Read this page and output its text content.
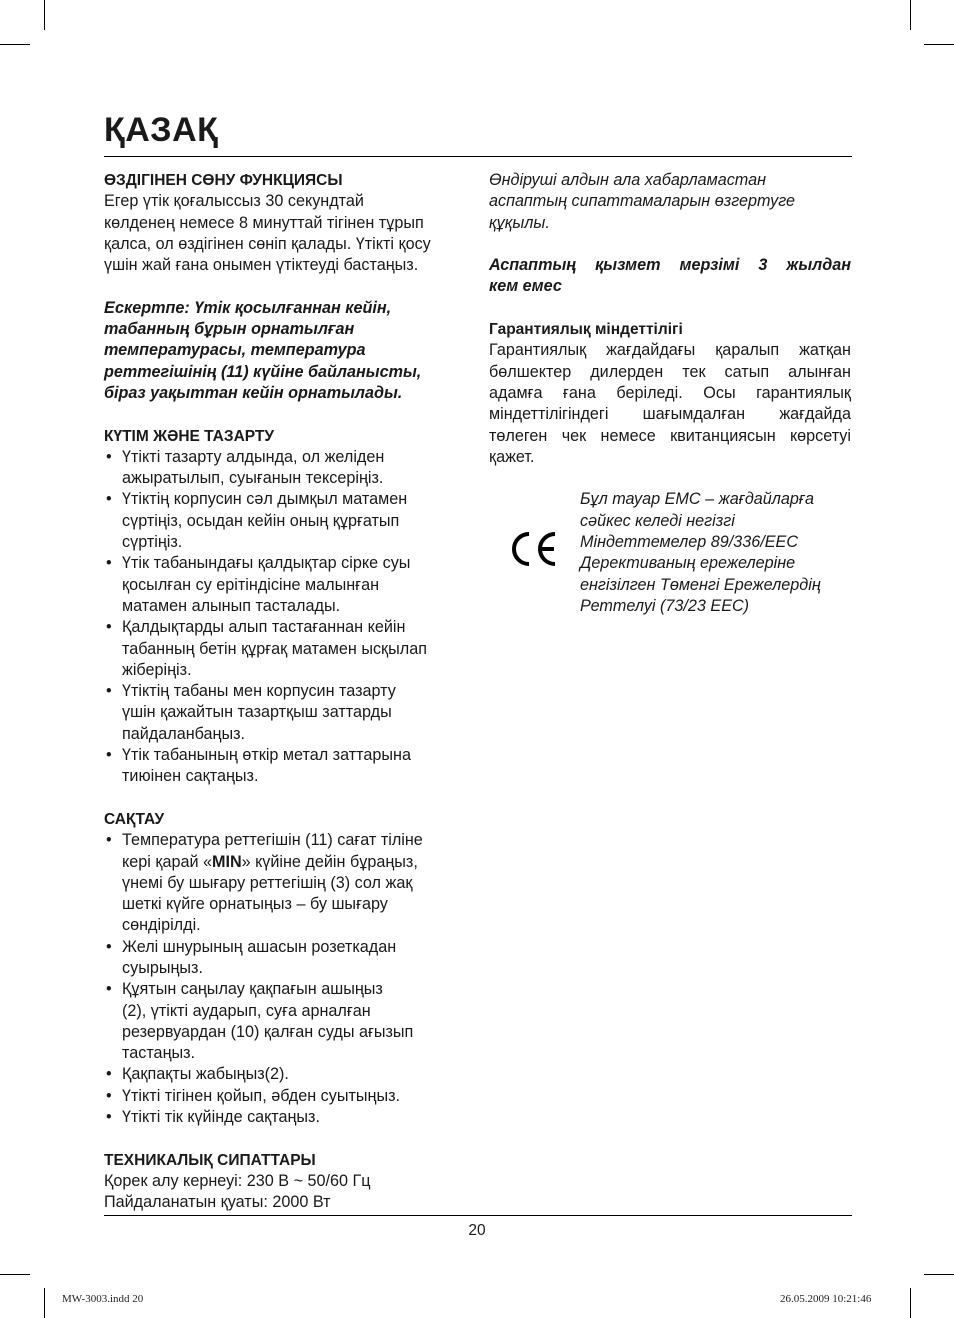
ҚАЗАҚ

ӨЗДІГІНЕН СӨНУ ФУНКЦИЯСЫ

Егер үтік қоғалыссыз 30 секундтай

көлденең немесе 8 минуттай тігінен тұрып

қалса, ол өздігінен сөніп қалады. Үтікті қосу

үшін жай ғана онымен үтіктеуді бастаңыз.

Ескертпе: Үтік қосылғаннан кейін,

табанның бұрын орнатылған

температурасы, температура

реттегішінің (11) күйіне байланысты,

біраз уақыттан кейін орнатылады.

КҮТІМ ЖӘНЕ ТАЗАРТУ

• Үтікті тазарту алдында, ол желіден
ажыратылып, суығанын тексеріңіз.
• Үтіктің корпусин сәл дымқыл матамен
сүртіңіз, осыдан кейін оның құрғатып
сүртіңіз.
• Үтік табанындағы қалдықтар сірке суы
қосылған су ерітіндісіне малынған
матамен алынып тасталады.
• Қалдықтарды алып тастағаннан кейін
табанның бетін құрғақ матамен ысқылап
жіберіңіз.
• Үтіктің табаны мен корпусин тазарту
үшін қажайтын тазартқыш заттарды
пайдаланбаңыз.
• Үтік табанының өткір метал заттарына
тиюінен сақтаңыз.

САҚТАУ

• Температура реттегішін (11) сағат тіліне
кері қарай «MIN» күйіне дейін бұраңыз,
үнемі бу шығару реттегішің (3) сол жақ
шеткі күйге орнатыңыз – бу шығару
сөндірілді.
• Желі шнурының ашасын розеткадан
суырыңыз.
• Құятын саңылау қақпағын ашыңыз
(2), үтікті аударып, суға арналған
резервуардан (10) қалған суды ағызып
тастаңыз.
• Қақпақты жабыңыз(2).
• Үтікті тігінен қойып, әбден суытыңыз.
• Үтікті тік күйінде сақтаңыз.

ТЕХНИКАЛЫҚ СИПАТТАРЫ

Қорек алу кернеуі: 230 В ~ 50/60 Гц

Пайдаланатын қуаты: 2000 Вт

Өндіруші алдын ала хабарламастан

аспаптың сипаттамаларын өзгертуге

құқылы.

Аспаптың қызмет мерзімі 3 жылдан

кем емес

Гарантиялық міндеттілігі

Гарантиялық жағдайдағы қаралып жатқан

бөлшектер дилерден тек сатып алынған

адамға ғана беріледі. Осы гарантиялық

міндеттілігіндегі шағымдалған жағдайда

төлеген чек немесе квитанциясын көрсетуі

қажет.

Бұл тауар EMC – жағдайларға

сәйкес келеді негізгі

Міндеттемелер 89/336/EEC

Дерективаның ережелеріне

енгізілген Төменгі Ережелердің

Реттелуі (73/23 EEC)

20
MW-3003.indd 20	26.05.2009 10:21:46
